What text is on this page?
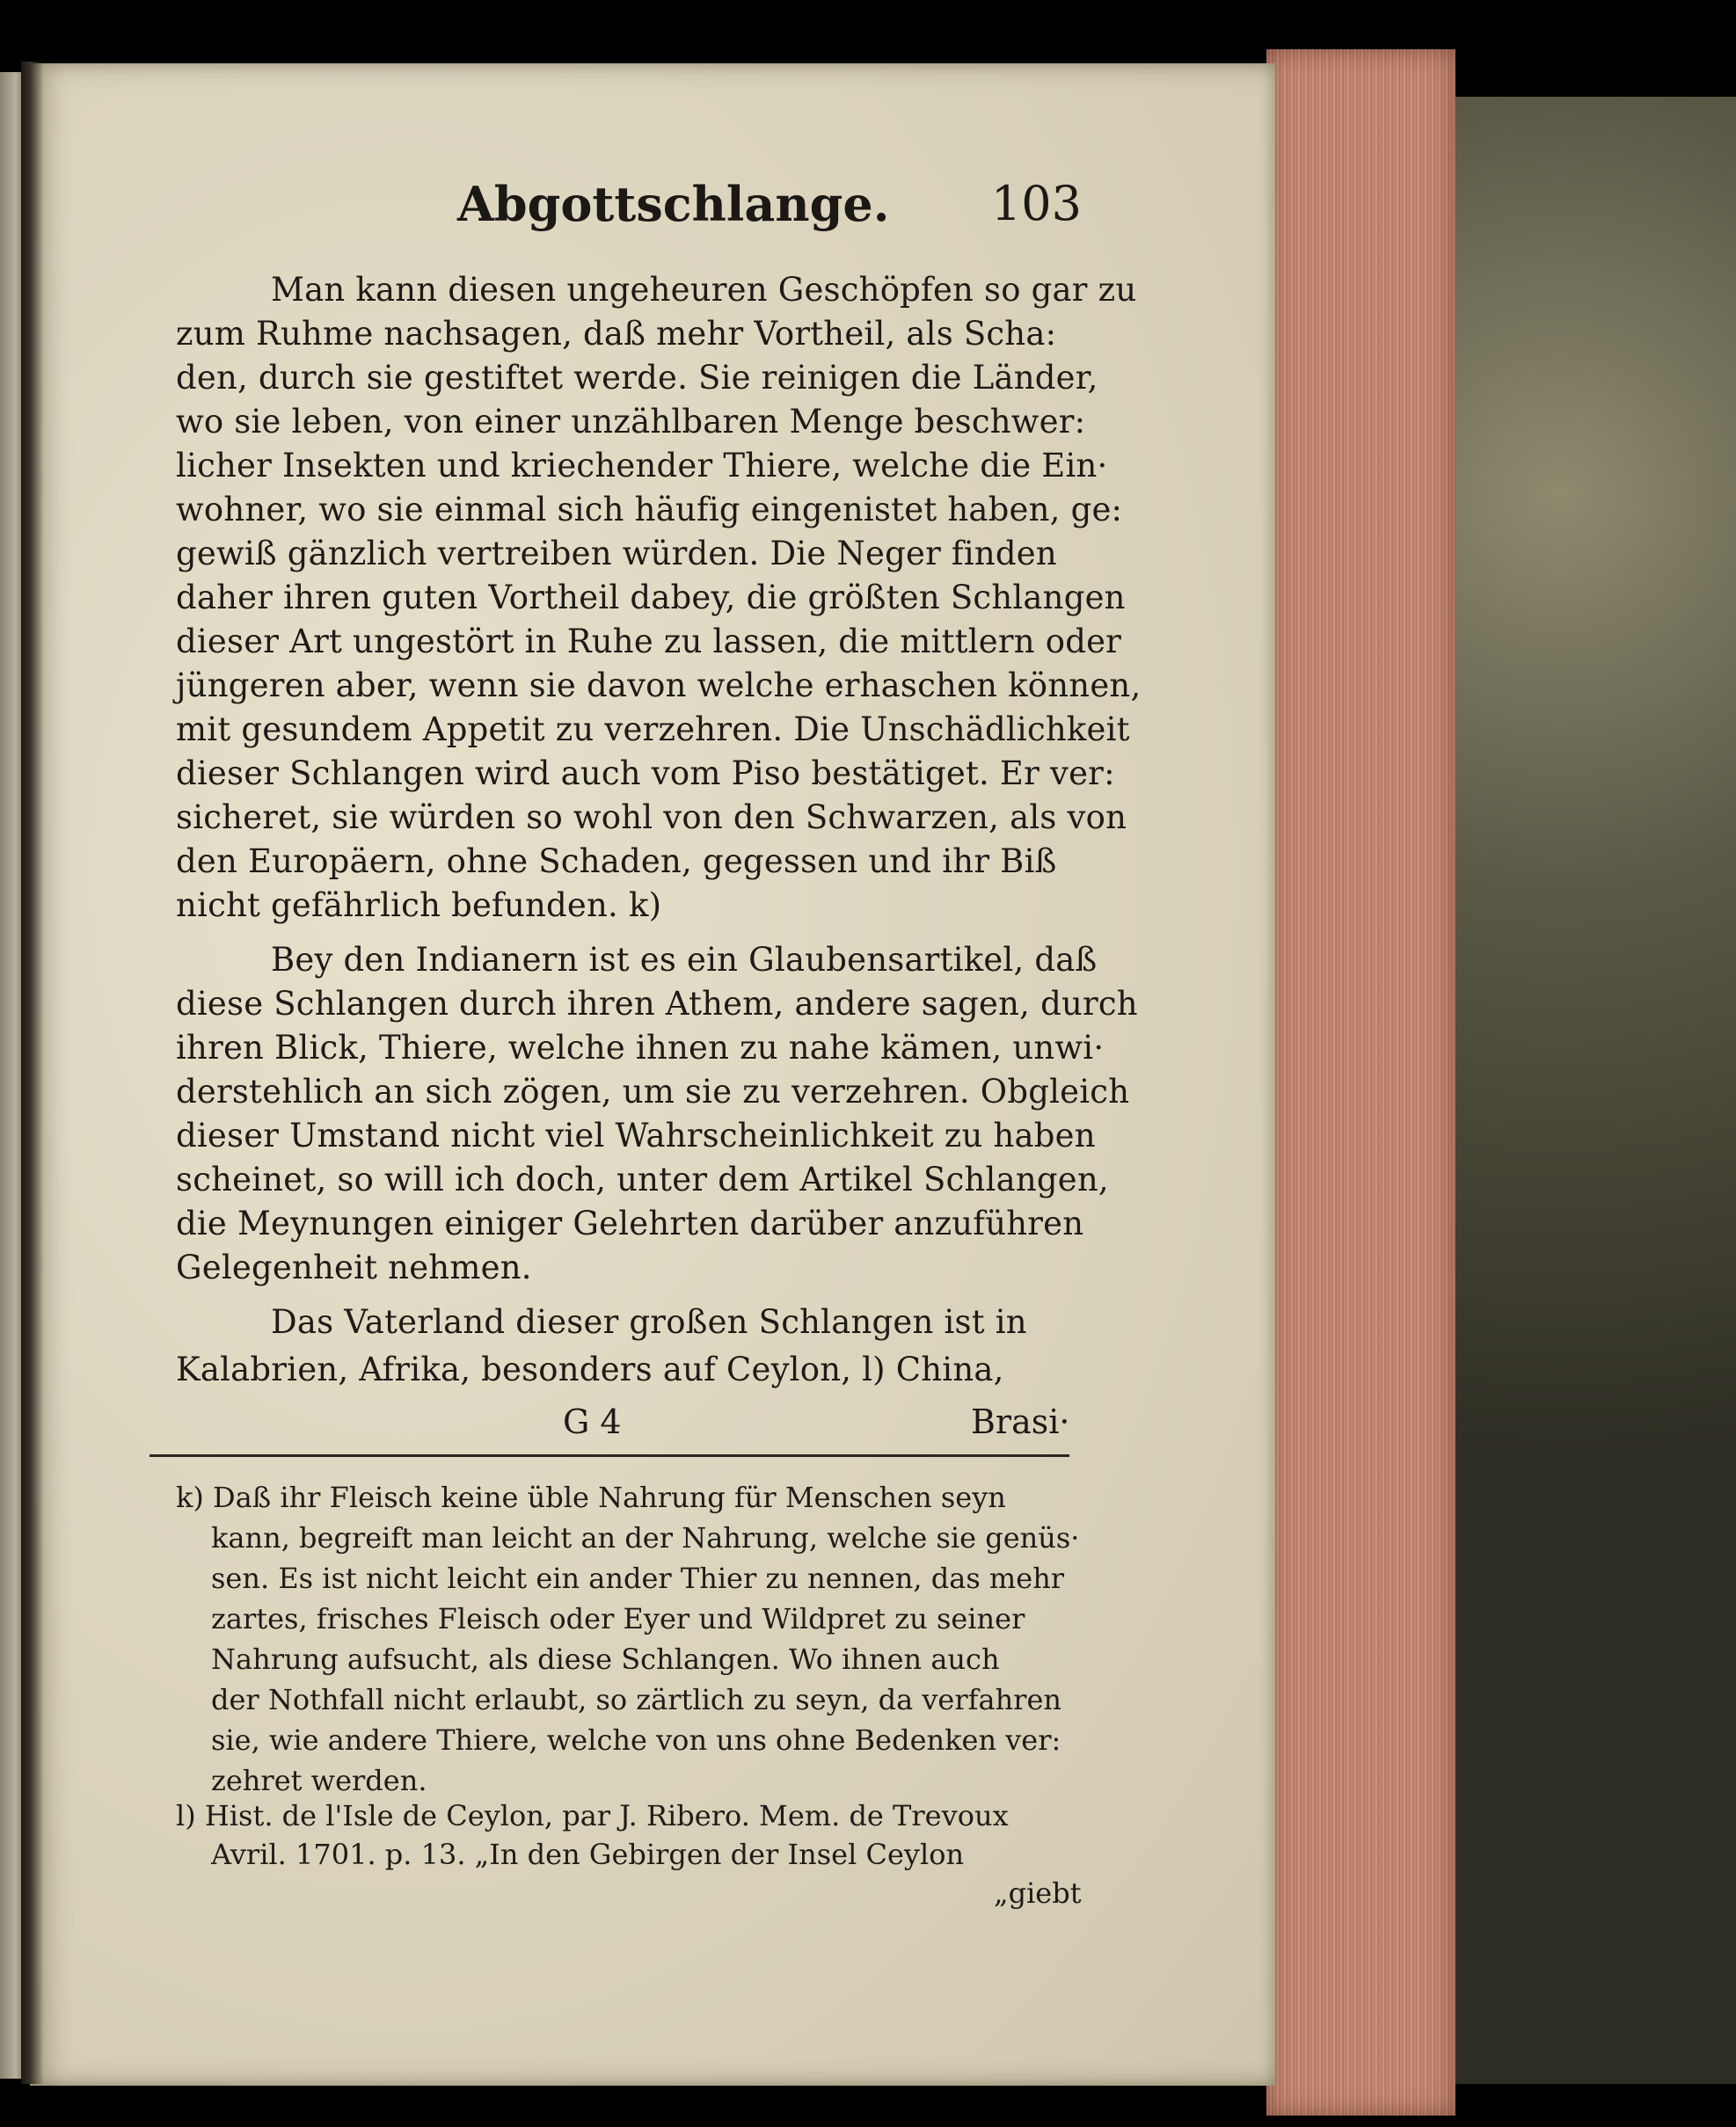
Abgottschlange. 103
Man kann diesen ungeheuren Geschöpfen so gar zu
zum Ruhme nachsagen, daß mehr Vortheil, als Scha:
den, durch sie gestiftet werde. Sie reinigen die Länder,
wo sie leben, von einer unzählbaren Menge beschwer:
licher Insekten und kriechender Thiere, welche die Ein·
wohner, wo sie einmal sich häufig eingenistet haben, ge:
gewiß gänzlich vertreiben würden. Die Neger finden
daher ihren guten Vortheil dabey, die größten Schlangen
dieser Art ungestört in Ruhe zu lassen, die mittlern oder
jüngeren aber, wenn sie davon welche erhaschen können,
mit gesundem Appetit zu verzehren. Die Unschädlichkeit
dieser Schlangen wird auch vom Piso bestätiget. Er ver:
sicheret, sie würden so wohl von den Schwarzen, als von
den Europäern, ohne Schaden, gegessen und ihr Biß
nicht gefährlich befunden. k)
Bey den Indianern ist es ein Glaubensartikel, daß
diese Schlangen durch ihren Athem, andere sagen, durch
ihren Blick, Thiere, welche ihnen zu nahe kämen, unwi·
derstehlich an sich zögen, um sie zu verzehren. Obgleich
dieser Umstand nicht viel Wahrscheinlichkeit zu haben
scheinet, so will ich doch, unter dem Artikel Schlangen,
die Meynungen einiger Gelehrten darüber anzuführen
Gelegenheit nehmen.
Das Vaterland dieser großen Schlangen ist in
Kalabrien, Afrika, besonders auf Ceylon, l) China,
G 4	Brasi·
k) Daß ihr Fleisch keine üble Nahrung für Menschen seyn
kann, begreift man leicht an der Nahrung, welche sie genüs·
sen. Es ist nicht leicht ein ander Thier zu nennen, das mehr
zartes, frisches Fleisch oder Eyer und Wildpret zu seiner
Nahrung aufsucht, als diese Schlangen. Wo ihnen auch
der Nothfall nicht erlaubt, so zärtlich zu seyn, da verfahren
sie, wie andere Thiere, welche von uns ohne Bedenken ver:
zehret werden.
l) Hist. de l'Isle de Ceylon, par J. Ribero. Mem. de Trevoux
Avril. 1701. p. 13. „In den Gebirgen der Insel Ceylon
„giebt
